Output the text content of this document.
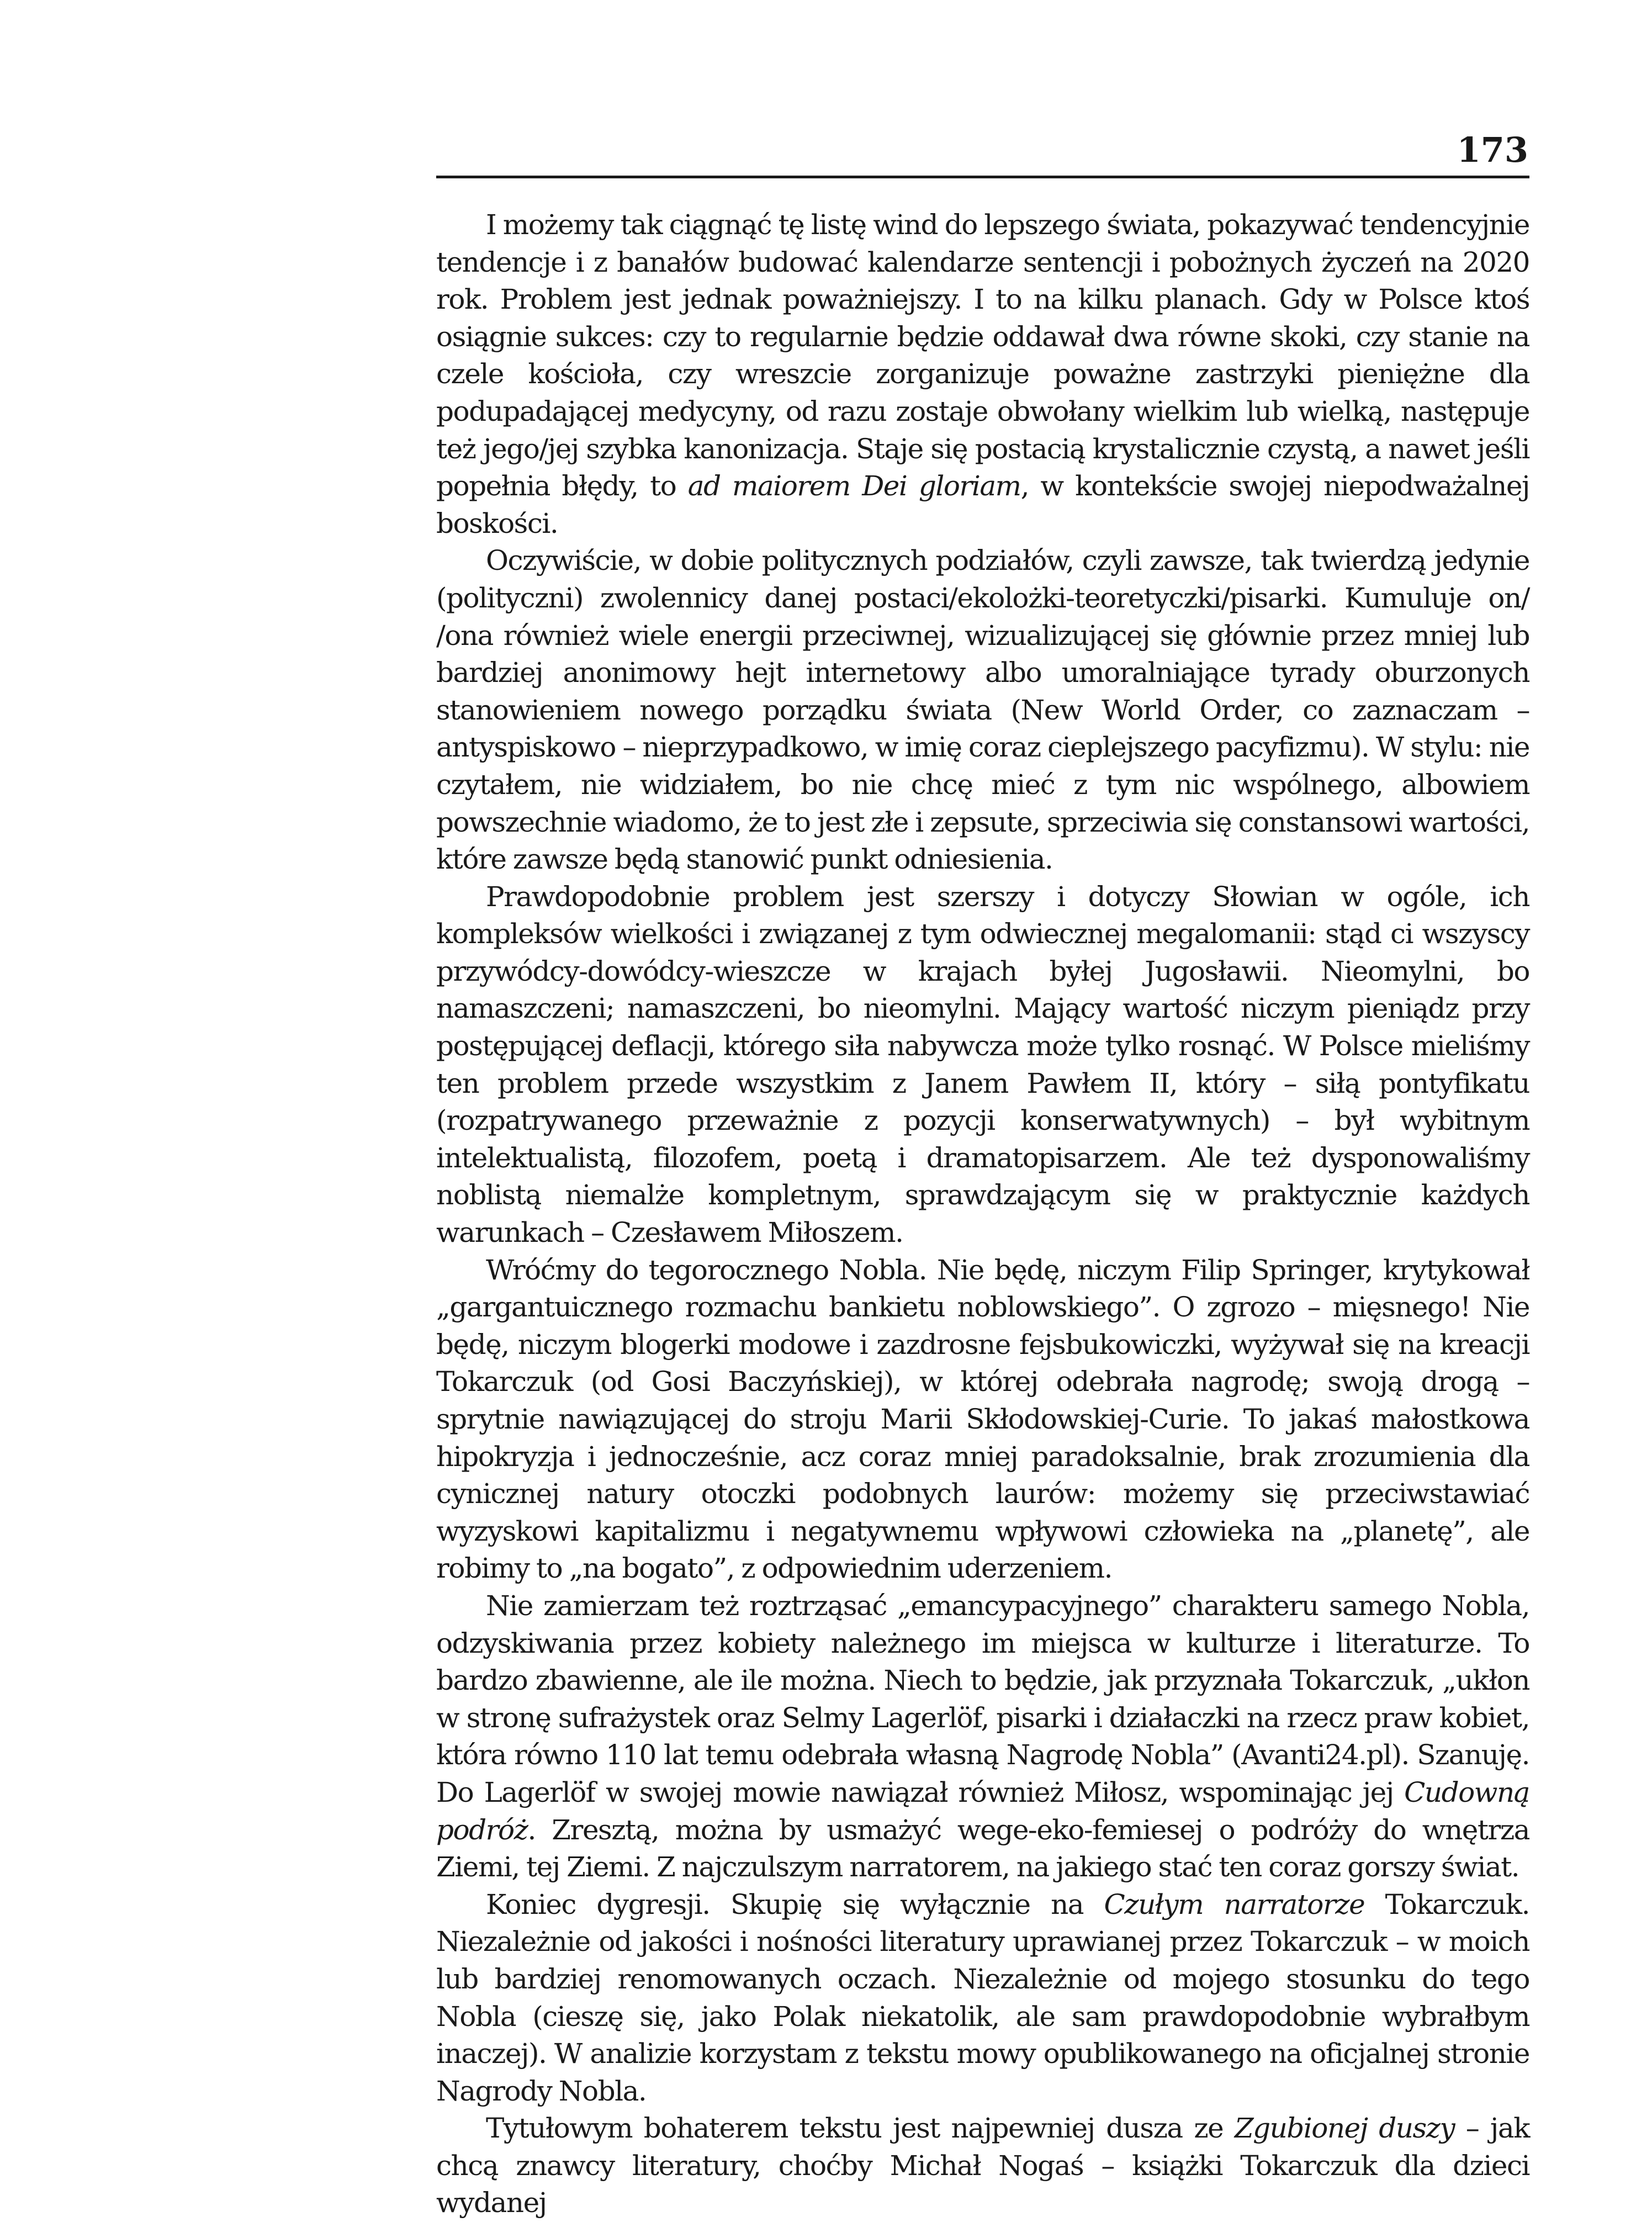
173

I możemy tak ciągnąć tę listę wind do lepszego świata, pokazywać tendencyjnie tendencje i z banałów budować kalendarze sentencji i pobożnych życzeń na 2020 rok. Problem jest jednak poważniejszy. I to na kilku planach. Gdy w Polsce ktoś osiągnie sukces: czy to regularnie będzie oddawał dwa równe skoki, czy stanie na czele kościoła, czy wreszcie zorganizuje poważne zastrzyki pieniężne dla podupadającej medycyny, od razu zostaje obwołany wielkim lub wielką, następuje też jego/jej szybka kanonizacja. Staje się postacią krystalicznie czystą, a nawet jeśli popełnia błędy, to ad maiorem Dei gloriam, w kontekście swojej niepodważalnej boskości.

Oczywiście, w dobie politycznych podziałów, czyli zawsze, tak twierdzą jedynie (polityczni) zwolennicy danej postaci/ekolożki-teoretyczki/pisarki. Kumuluje on/ /ona również wiele energii przeciwnej, wizualizującej się głównie przez mniej lub bardziej anonimowy hejt internetowy albo umoralniające tyrady oburzonych stanowieniem nowego porządku świata (New World Order, co zaznaczam – antyspiskowo – nieprzypadkowo, w imię coraz cieplejszego pacyfizmu). W stylu: nie czytałem, nie widziałem, bo nie chcę mieć z tym nic wspólnego, albowiem powszechnie wiadomo, że to jest złe i zepsute, sprzeciwia się constansowi wartości, które zawsze będą stanowić punkt odniesienia.

Prawdopodobnie problem jest szerszy i dotyczy Słowian w ogóle, ich kompleksów wielkości i związanej z tym odwiecznej megalomanii: stąd ci wszyscy przywódcy-dowódcy-wieszcze w krajach byłej Jugosławii. Nieomylni, bo namaszczeni; namaszczeni, bo nieomylni. Mający wartość niczym pieniądz przy postępującej deflacji, którego siła nabywcza może tylko rosnąć. W Polsce mieliśmy ten problem przede wszystkim z Janem Pawłem II, który – siłą pontyfikatu (rozpatrywanego przeważnie z pozycji konserwatywnych) – był wybitnym intelektualistą, filozofem, poetą i dramatopisarzem. Ale też dysponowaliśmy noblistą niemalże kompletnym, sprawdzającym się w praktycznie każdych warunkach – Czesławem Miłoszem.

Wróćmy do tegorocznego Nobla. Nie będę, niczym Filip Springer, krytykował „gargantuicznego rozmachu bankietu noblowskiego”. O zgrozo – mięsnego! Nie będę, niczym blogerki modowe i zazdrosne fejsbukowiczki, wyżywał się na kreacji Tokarczuk (od Gosi Baczyńskiej), w której odebrała nagrodę; swoją drogą – sprytnie nawiązującej do stroju Marii Skłodowskiej-Curie. To jakaś małostkowa hipokryzja i jednocześnie, acz coraz mniej paradoksalnie, brak zrozumienia dla cynicznej natury otoczki podobnych laurów: możemy się przeciwstawiać wyzyskowi kapitalizmu i negatywnemu wpływowi człowieka na „planetę”, ale robimy to „na bogato”, z odpowiednim uderzeniem.

Nie zamierzam też roztrząsać „emancypacyjnego” charakteru samego Nobla, odzyskiwania przez kobiety należnego im miejsca w kulturze i literaturze. To bardzo zbawienne, ale ile można. Niech to będzie, jak przyznała Tokarczuk, „ukłon w stronę sufrażystek oraz Selmy Lagerlöf, pisarki i działaczki na rzecz praw kobiet, która równo 110 lat temu odebrała własną Nagrodę Nobla” (Avanti24.pl). Szanuję. Do Lagerlöf w swojej mowie nawiązał również Miłosz, wspominając jej Cudowną podróż. Zresztą, można by usmażyć wege-eko-femiesej o podróży do wnętrza Ziemi, tej Ziemi. Z najczulszym narratorem, na jakiego stać ten coraz gorszy świat.

Koniec dygresji. Skupię się wyłącznie na Czułym narratorze Tokarczuk. Niezależnie od jakości i nośności literatury uprawianej przez Tokarczuk – w moich lub bardziej renomowanych oczach. Niezależnie od mojego stosunku do tego Nobla (cieszę się, jako Polak niekatolik, ale sam prawdopodobnie wybrałbym inaczej). W analizie korzystam z tekstu mowy opublikowanego na oficjalnej stronie Nagrody Nobla.

Tytułowym bohaterem tekstu jest najpewniej dusza ze Zgubionej duszy – jak chcą znawcy literatury, choćby Michał Nogaś – książki Tokarczuk dla dzieci wydanej
